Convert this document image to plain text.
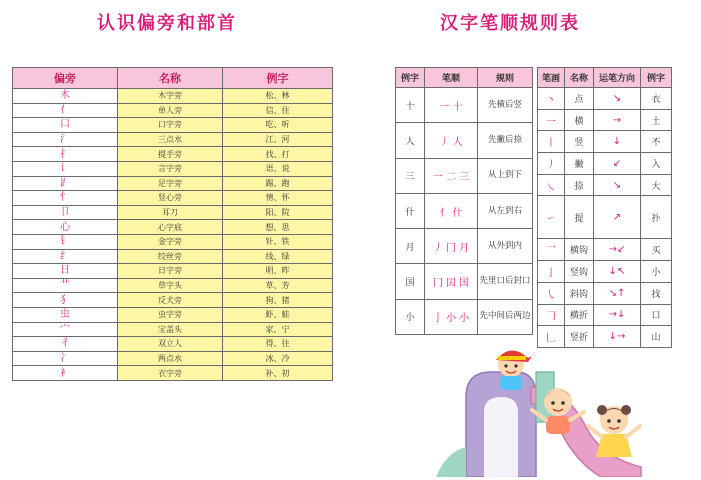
认识偏旁和部首	汉字笔顺规则表
偏旁	名称	例字
木	木字旁	松、林
亻	单人旁	信、住
口	口字旁	吃、听
氵	三点水	江、河
扌	提手旁	找、打
讠	言字旁	语、说
⻊	足字旁	踢、跑
忄	竖心旁	情、怀
卩	耳刀	阳、院
心	心字底	想、思
钅	金字旁	针、铁
纟	绞丝旁	线、绿
日	日字旁	明、昨
艹	草字头	草、芳
犭	反犬旁	狗、猪
虫	虫字旁	虾、蛙
宀	宝盖头	家、宁
彳	双立人	得、往
冫	两点水	冰、冷
衤	衣字旁	补、初
例字	笔顺	规则
十	一 十	先横后竖
人	丿 人	先撇后捺
三	一 二 三	从上到下
什	亻 什	从左到右
月	丿 冂 月	从外到内
国	冂 囯 国	先里口后封口
小	亅 小 小	先中间后两边
笔画	名称	运笔方向	例字
丶	点	↘	衣
一	横	→	土
丨	竖	↓	不
丿	撇	↙	入
㇏	捺	↘	大
㇀	提	↗	扑
乛	横钩	→↙	买
亅	竖钩	↓↖	小
㇂	斜钩	↘↑	找
𠃌	横折	→↓	口
𠃊	竖折	↓→	山
